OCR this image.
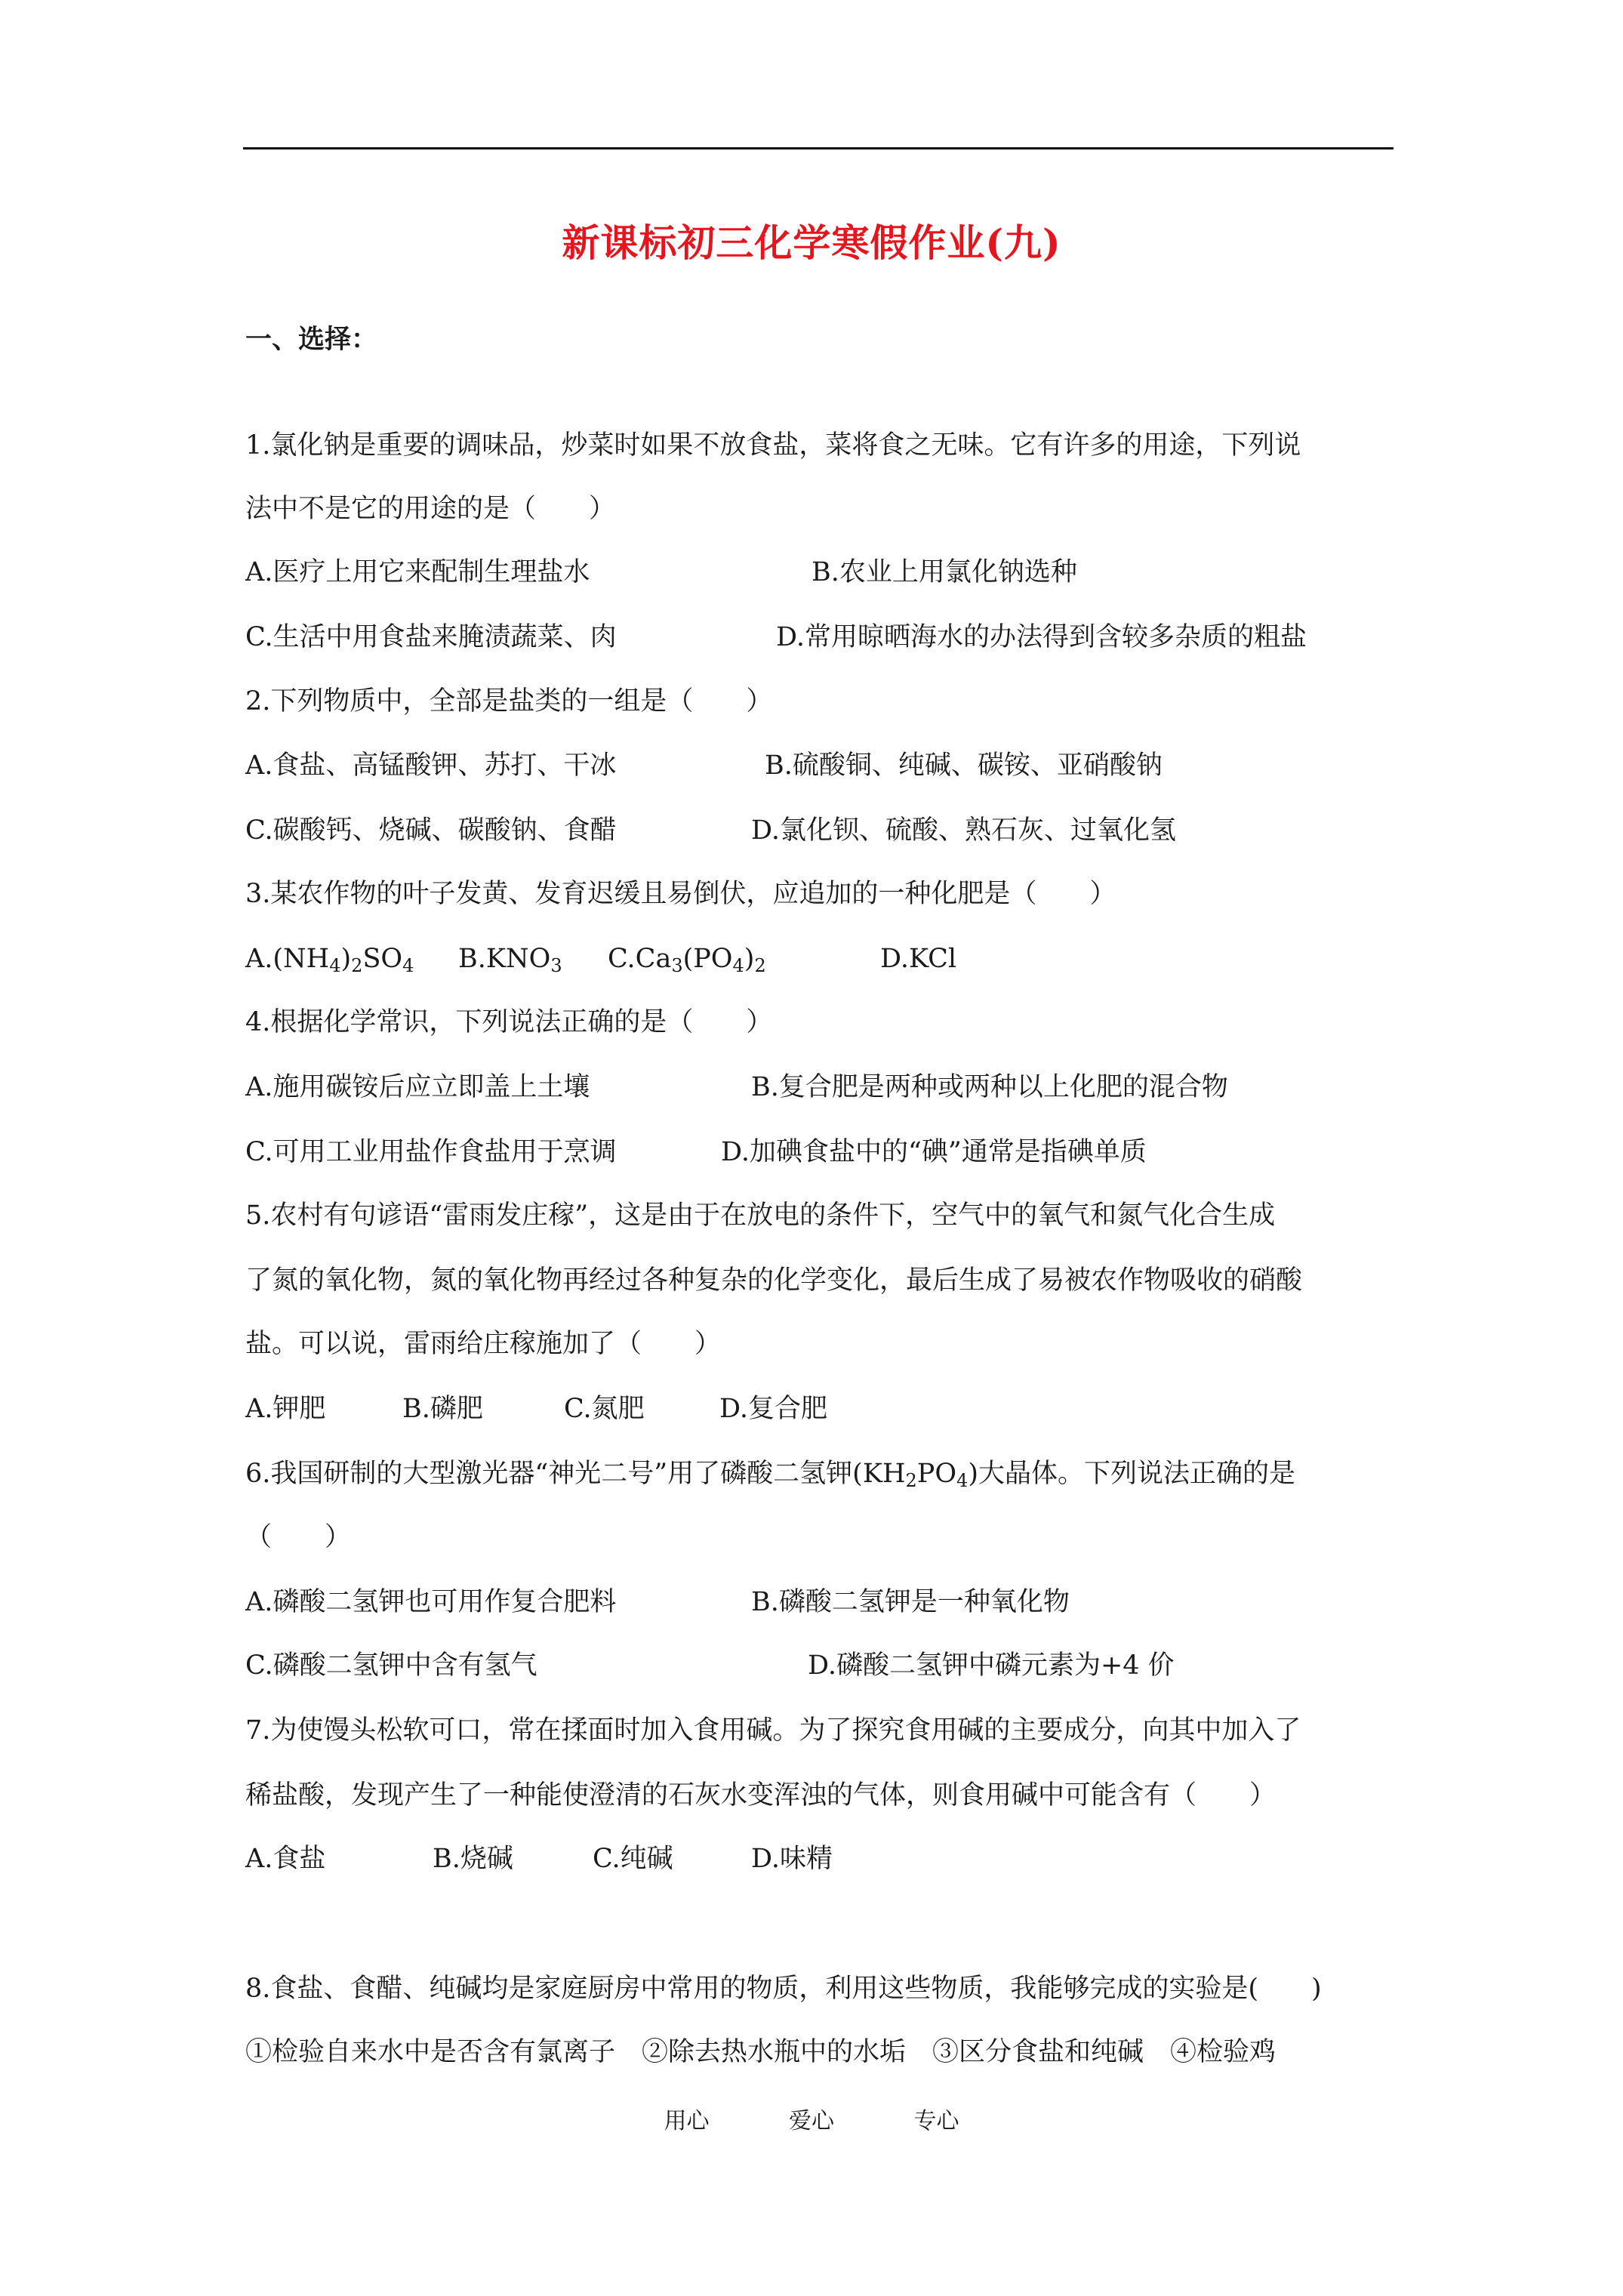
新课标初三化学寒假作业(九)
一、选择：
1.氯化钠是重要的调味品，炒菜时如果不放食盐，菜将食之无味。它有许多的用途，下列说
法中不是它的用途的是（　　）
A.医疗上用它来配制生理盐水	B.农业上用氯化钠选种
C.生活中用食盐来腌渍蔬菜、肉	D.常用晾晒海水的办法得到含较多杂质的粗盐
2.下列物质中，全部是盐类的一组是（　　）
A.食盐、高锰酸钾、苏打、干冰	B.硫酸铜、纯碱、碳铵、亚硝酸钠
C.碳酸钙、烧碱、碳酸钠、食醋	D.氯化钡、硫酸、熟石灰、过氧化氢
3.某农作物的叶子发黄、发育迟缓且易倒伏，应追加的一种化肥是（　　）
$A.(NH_4)_2SO_4$ $B.KNO_3$ $C.Ca_3(PO_4)_2$	D.KCl
4.根据化学常识，下列说法正确的是（　　）
A.施用碳铵后应立即盖上土壤	B.复合肥是两种或两种以上化肥的混合物
C.可用工业用盐作食盐用于烹调	D.加碘食盐中的“碘”通常是指碘单质
5.农村有句谚语“雷雨发庄稼”，这是由于在放电的条件下，空气中的氧气和氮气化合生成
了氮的氧化物，氮的氧化物再经过各种复杂的化学变化，最后生成了易被农作物吸收的硝酸
盐。可以说，雷雨给庄稼施加了（　　）
A.钾肥	B.磷肥	C.氮肥	D.复合肥
6.我国研制的大型激光器“神光二号”用了磷酸二氢钾$(KH_2PO_4)$大晶体。下列说法正确的是
（　　）
A.磷酸二氢钾也可用作复合肥料	B.磷酸二氢钾是一种氧化物
C.磷酸二氢钾中含有氢气	D.磷酸二氢钾中磷元素为+4 价
7.为使馒头松软可口，常在揉面时加入食用碱。为了探究食用碱的主要成分，向其中加入了
稀盐酸，发现产生了一种能使澄清的石灰水变浑浊的气体，则食用碱中可能含有（　　）
A.食盐	B.烧碱	C.纯碱	D.味精
8.食盐、食醋、纯碱均是家庭厨房中常用的物质，利用这些物质，我能够完成的实验是(　　)
①检验自来水中是否含有氯离子　②除去热水瓶中的水垢　③区分食盐和纯碱　④检验鸡
用心	爱心	专心
